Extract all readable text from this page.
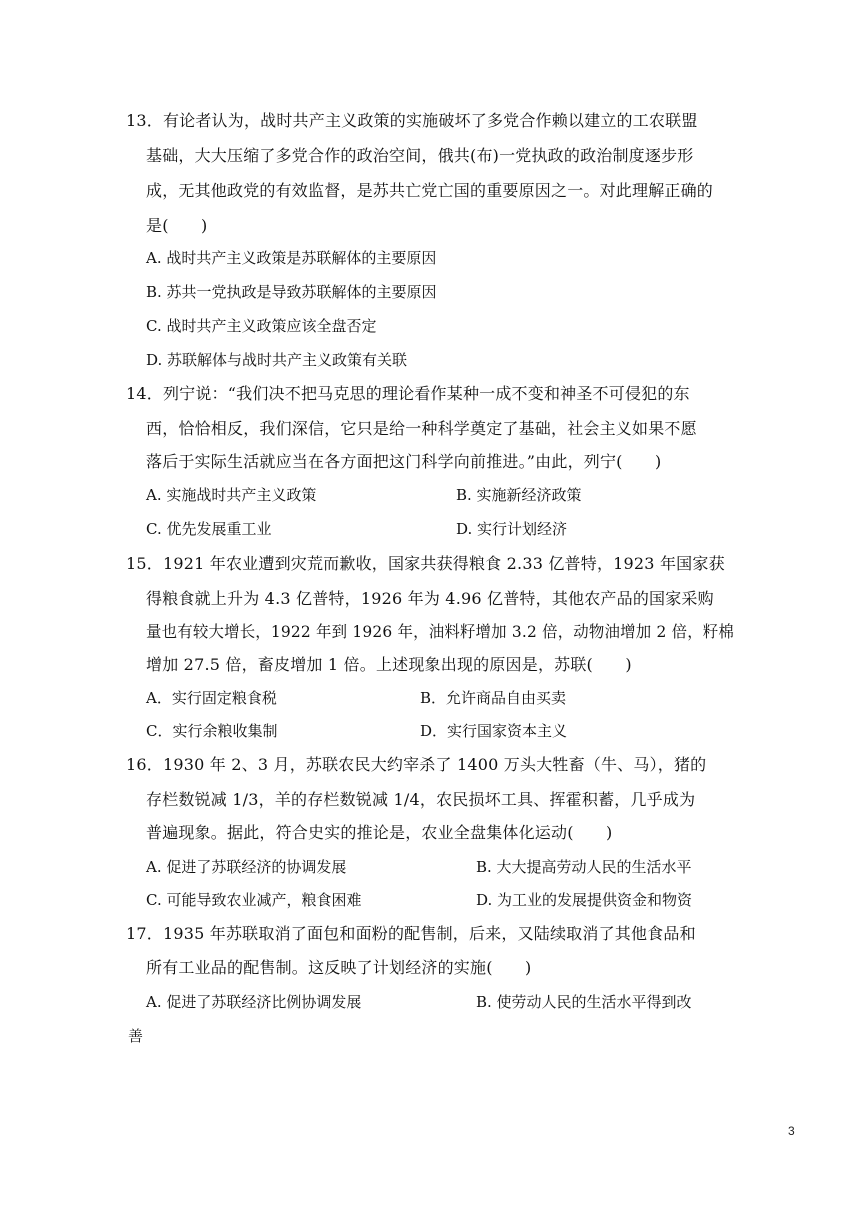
13．有论者认为，战时共产主义政策的实施破坏了多党合作赖以建立的工农联盟
基础，大大压缩了多党合作的政治空间，俄共(布)一党执政的政治制度逐步形
成，无其他政党的有效监督，是苏共亡党亡国的重要原因之一。对此理解正确的
是(　　)
A. 战时共产主义政策是苏联解体的主要原因
B. 苏共一党执政是导致苏联解体的主要原因
C. 战时共产主义政策应该全盘否定
D. 苏联解体与战时共产主义政策有关联
14．列宁说：“我们决不把马克思的理论看作某种一成不变和神圣不可侵犯的东
西，恰恰相反，我们深信，它只是给一种科学奠定了基础，社会主义如果不愿
落后于实际生活就应当在各方面把这门科学向前推进。”由此，列宁(　　)
A. 实施战时共产主义政策	B. 实施新经济政策
C. 优先发展重工业	D. 实行计划经济
15．1921 年农业遭到灾荒而歉收，国家共获得粮食 2.33 亿普特，1923 年国家获
得粮食就上升为 4.3 亿普特，1926 年为 4.96 亿普特，其他农产品的国家采购
量也有较大增长，1922 年到 1926 年，油料籽增加 3.2 倍，动物油增加 2 倍，籽棉
增加 27.5 倍，畜皮增加 1 倍。上述现象出现的原因是，苏联(　　)
A．实行固定粮食税	B．允许商品自由买卖
C．实行余粮收集制	D．实行国家资本主义
16．1930 年 2、3 月，苏联农民大约宰杀了 1400 万头大牲畜（牛、马），猪的
存栏数锐减 1/3，羊的存栏数锐减 1/4，农民损坏工具、挥霍积蓄，几乎成为
普遍现象。据此，符合史实的推论是，农业全盘集体化运动(　　)
A. 促进了苏联经济的协调发展	B. 大大提高劳动人民的生活水平
C. 可能导致农业减产，粮食困难	D. 为工业的发展提供资金和物资
17．1935 年苏联取消了面包和面粉的配售制，后来，又陆续取消了其他食品和
所有工业品的配售制。这反映了计划经济的实施(　　)
A. 促进了苏联经济比例协调发展	B. 使劳动人民的生活水平得到改
善
3
